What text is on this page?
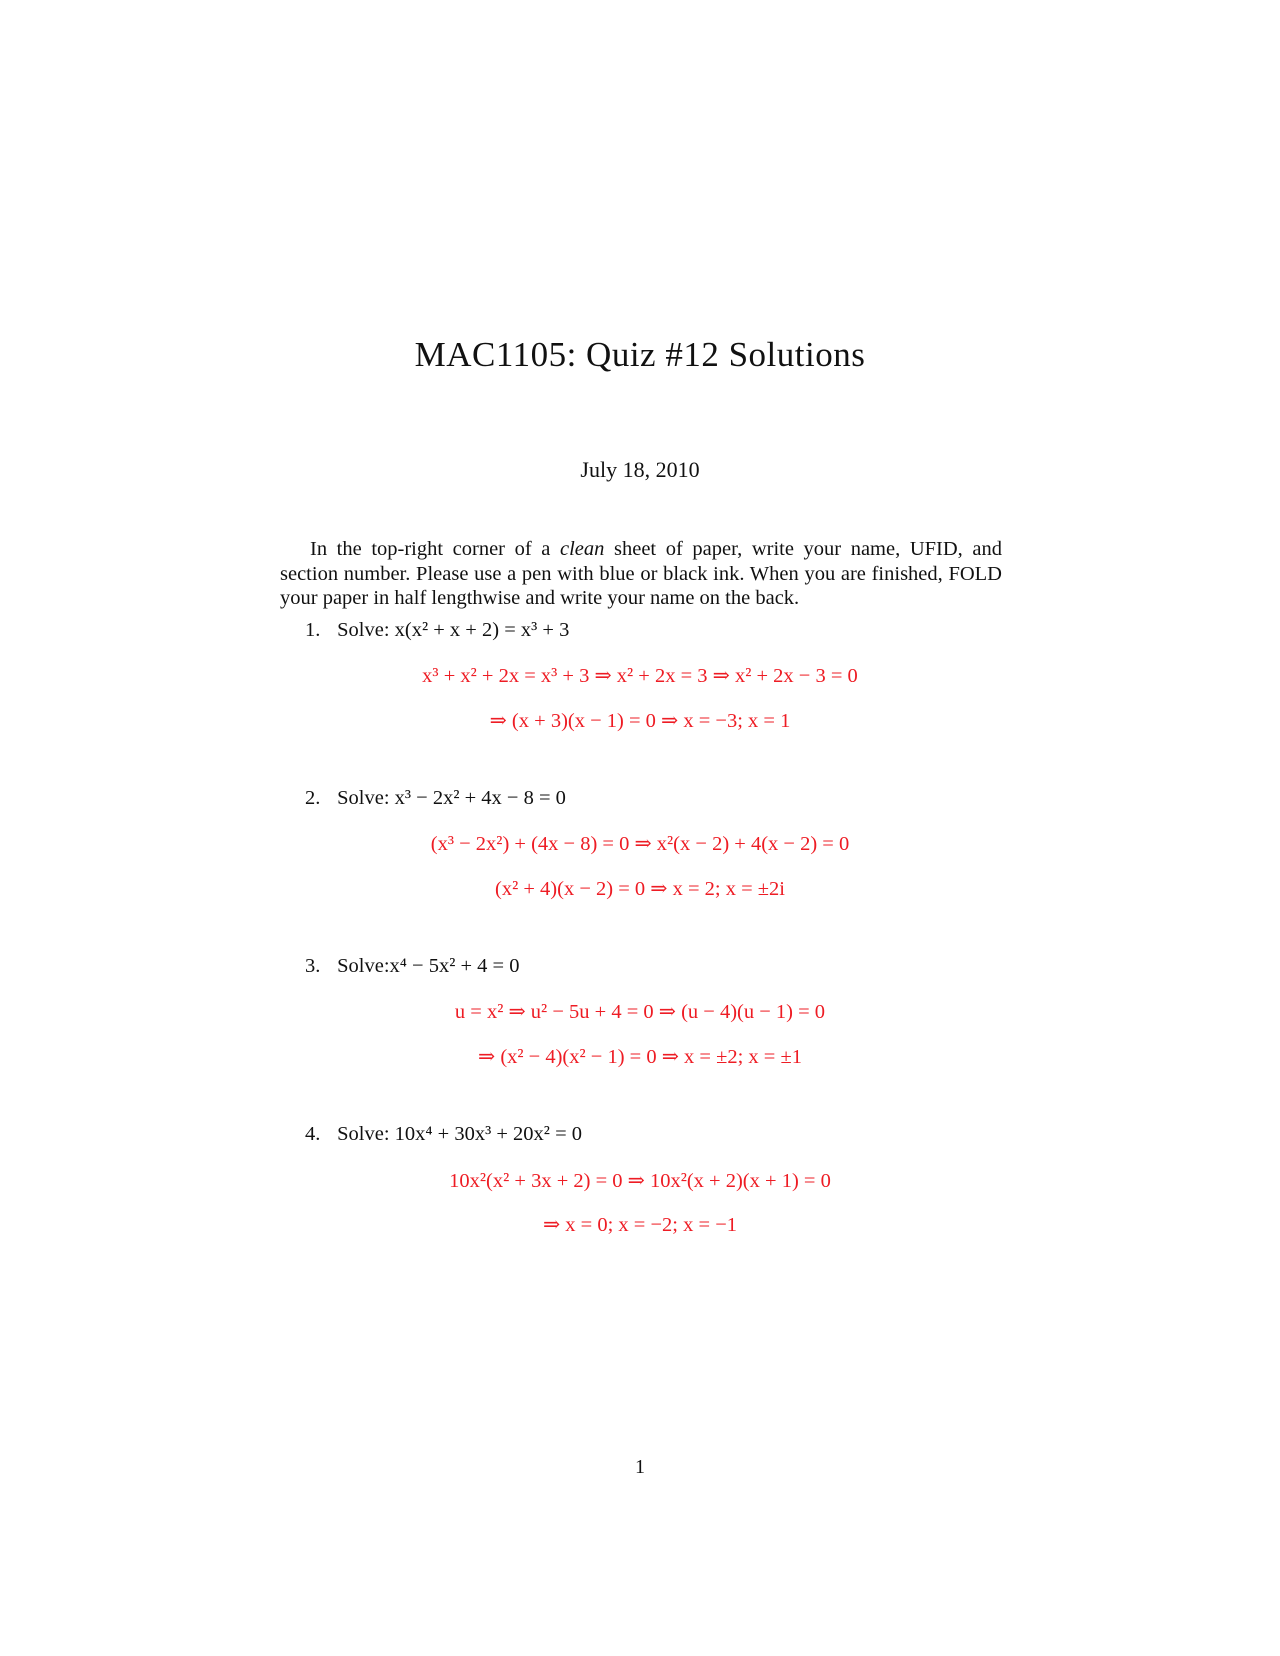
MAC1105: Quiz #12 Solutions
July 18, 2010

In the top-right corner of a clean sheet of paper, write your name, UFID, and section number. Please use a pen with blue or black ink. When you are finished, FOLD your paper in half lengthwise and write your name on the back.

1. Solve: x(x² + x + 2) = x³ + 3
x³ + x² + 2x = x³ + 3 ⇒ x² + 2x = 3 ⇒ x² + 2x − 3 = 0
⇒ (x + 3)(x − 1) = 0 ⇒ x = −3; x = 1
2. Solve: x³ − 2x² + 4x − 8 = 0
(x³ − 2x²) + (4x − 8) = 0 ⇒ x²(x − 2) + 4(x − 2) = 0
(x² + 4)(x − 2) = 0 ⇒ x = 2; x = ±2i
3. Solve:x⁴ − 5x² + 4 = 0
u = x² ⇒ u² − 5u + 4 = 0 ⇒ (u − 4)(u − 1) = 0
⇒ (x² − 4)(x² − 1) = 0 ⇒ x = ±2; x = ±1
4. Solve: 10x⁴ + 30x³ + 20x² = 0
10x²(x² + 3x + 2) = 0 ⇒ 10x²(x + 2)(x + 1) = 0
⇒ x = 0; x = −2; x = −1
1
